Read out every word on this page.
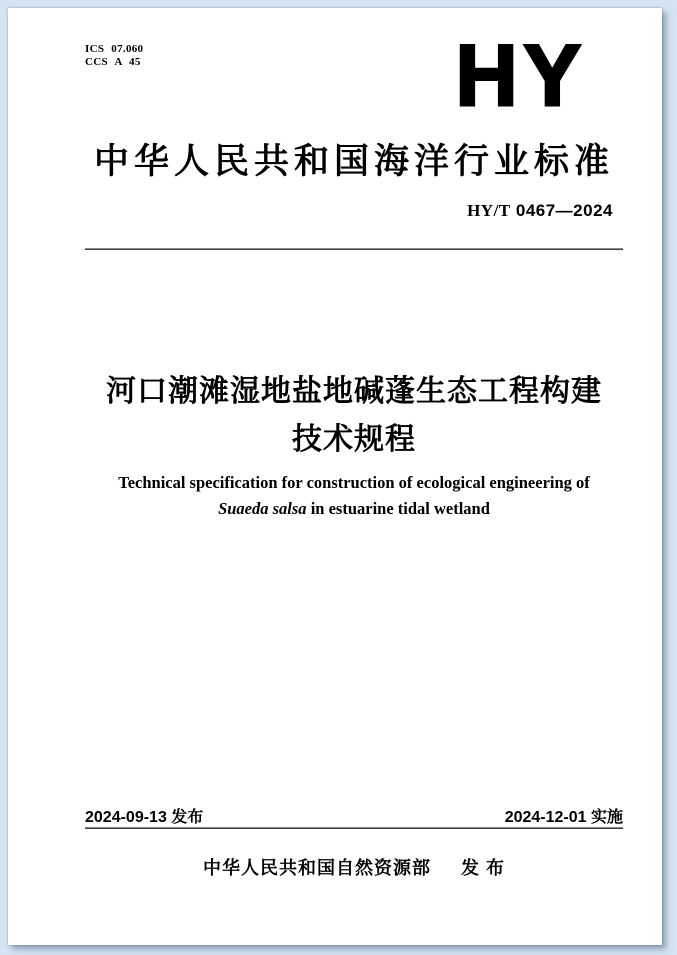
ICS 07.060
CCS A 45	HY
中华人民共和国海洋行业标准
HY/T 0467—2024
河口潮滩湿地盐地碱蓬生态工程构建
技术规程
Technical specification for construction of ecological engineering of
Suaeda salsa in estuarine tidal wetland
2024-09-13 发布	2024-12-01 实施
中华人民共和国自然资源部 发 布
